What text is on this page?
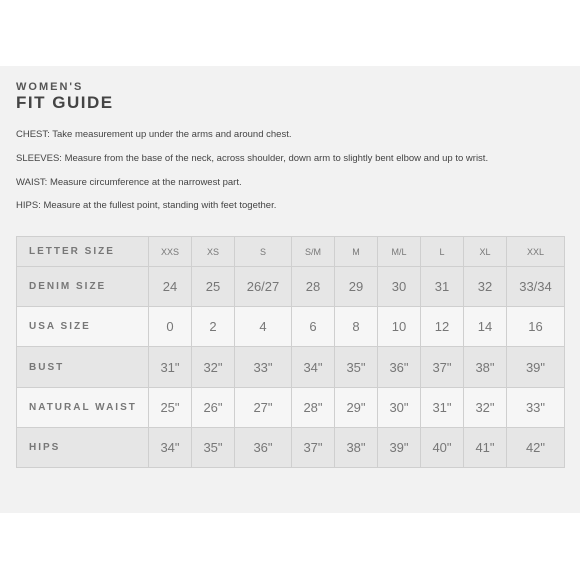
WOMEN'S
FIT GUIDE
CHEST: Take measurement up under the arms and around chest.
SLEEVES: Measure from the base of the neck, across shoulder, down arm to slightly bent elbow and up to wrist.
WAIST: Measure circumference at the narrowest part.
HIPS: Measure at the fullest point, standing with feet together.
LETTER SIZE	XXS	XS	S	S/M	M	M/L	L	XL	XXL
DENIM SIZE	24	25	26/27	28	29	30	31	32	33/34
USA SIZE	0	2	4	6	8	10	12	14	16
BUST	31"	32"	33"	34"	35"	36"	37"	38"	39"
NATURAL WAIST	25"	26"	27"	28"	29"	30"	31"	32"	33"
HIPS	34"	35"	36"	37"	38"	39"	40"	41"	42"
